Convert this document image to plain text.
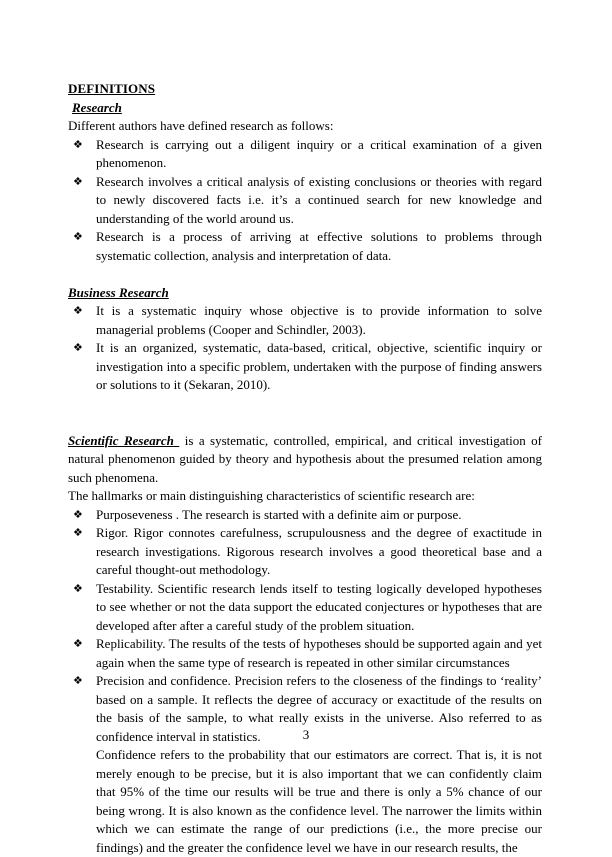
DEFINITIONS
Research
Different authors have defined research as follows:
❖ Research is carrying out a diligent inquiry or a critical examination of a given phenomenon.
❖ Research involves a critical analysis of existing conclusions or theories with regard to newly discovered facts i.e. it’s a continued search for new knowledge and understanding of the world around us.
❖ Research is a process of arriving at effective solutions to problems through systematic collection, analysis and interpretation of data.

Business Research
❖ It is a systematic inquiry whose objective is to provide information to solve managerial problems (Cooper and Schindler, 2003).
❖ It is an organized, systematic, data-based, critical, objective, scientific inquiry or investigation into a specific problem, undertaken with the purpose of finding answers or solutions to it (Sekaran, 2010).

Scientific Research  is a systematic, controlled, empirical, and critical investigation of natural phenomenon guided by theory and hypothesis about the presumed relation among such phenomena.

The hallmarks or main distinguishing characteristics of scientific research are:
❖ Purposeveness . The research is started with a definite aim or purpose.
❖ Rigor. Rigor connotes carefulness, scrupulousness and the degree of exactitude in research investigations. Rigorous research involves a good theoretical base and a careful thought-out methodology.
❖ Testability. Scientific research lends itself to testing logically developed hypotheses to see whether or not the data support the educated conjectures or hypotheses that are developed after after a careful study of the problem situation.
❖ Replicability. The results of the tests of hypotheses should be supported again and yet again when the same type of research is repeated in other similar circumstances
❖ Precision and confidence. Precision refers to the closeness of the findings to ‘reality’ based on a sample. It reflects the degree of accuracy or exactitude of the results on the basis of the sample, to what really exists in the universe. Also referred to as confidence interval in statistics.

Confidence refers to the probability that our estimators are correct. That is, it is not merely enough to be precise, but it is also important that we can confidently claim that 95% of the time our results will be true and there is only a 5% chance of our being wrong. It is also known as the confidence level. The narrower the limits within which we can estimate the range of our predictions (i.e., the more precise our findings) and the greater the confidence level we have in our research results, the

3
